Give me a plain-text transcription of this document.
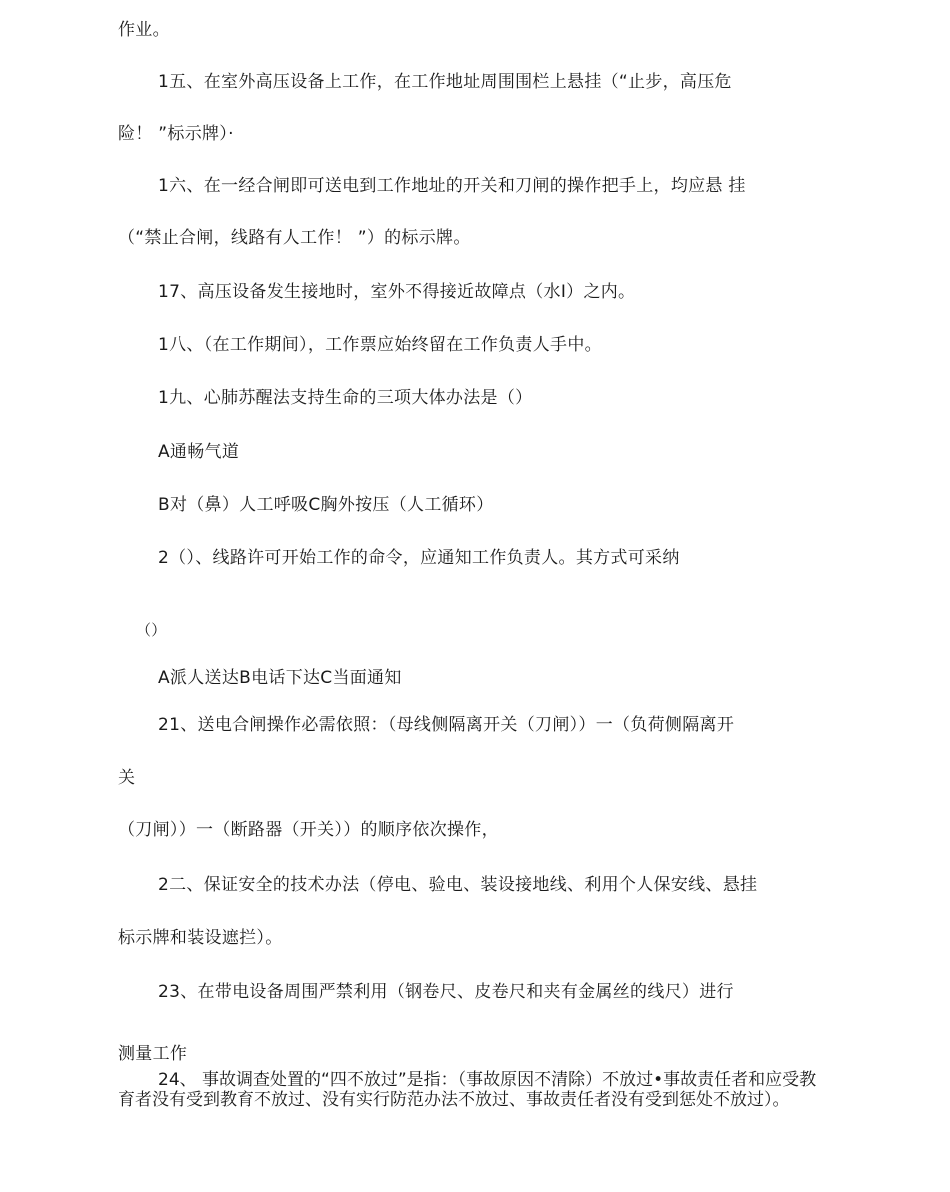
作业。
1五、在室外高压设备上工作，在工作地址周围围栏上悬挂（“止步，高压危
险！ ”标示牌）·
1六、在一经合闸即可送电到工作地址的开关和刀闸的操作把手上，均应悬 挂
（“禁止合闸，线路有人工作！ ”）的标示牌。
17、高压设备发生接地时，室外不得接近故障点（水I）之内。
1八、（在工作期间），工作票应始终留在工作负责人手中。
1九、心肺苏醒法支持生命的三项大体办法是（）
A通畅气道
B对（鼻）人工呼吸C胸外按压（人工循环）
2（）、线路许可开始工作的命令，应通知工作负责人。其方式可采纳
（）
A派人送达B电话下达C当面通知
21、送电合闸操作必需依照：（母线侧隔离开关（刀闸））一（负荷侧隔离开
关
（刀闸））一（断路器（开关））的顺序依次操作，
2二、保证安全的技术办法（停电、验电、装设接地线、利用个人保安线、悬挂
标示牌和装设遮拦）。
23、在带电设备周围严禁利用（钢卷尺、皮卷尺和夹有金属丝的线尺）进行
测量工作
24、 事故调查处置的“四不放过”是指：（事故原因不清除）不放过•事故责任者和应受教育者没有受到教育不放过、没有实行防范办法不放过、事故责任者没有受到惩处不放过）。
